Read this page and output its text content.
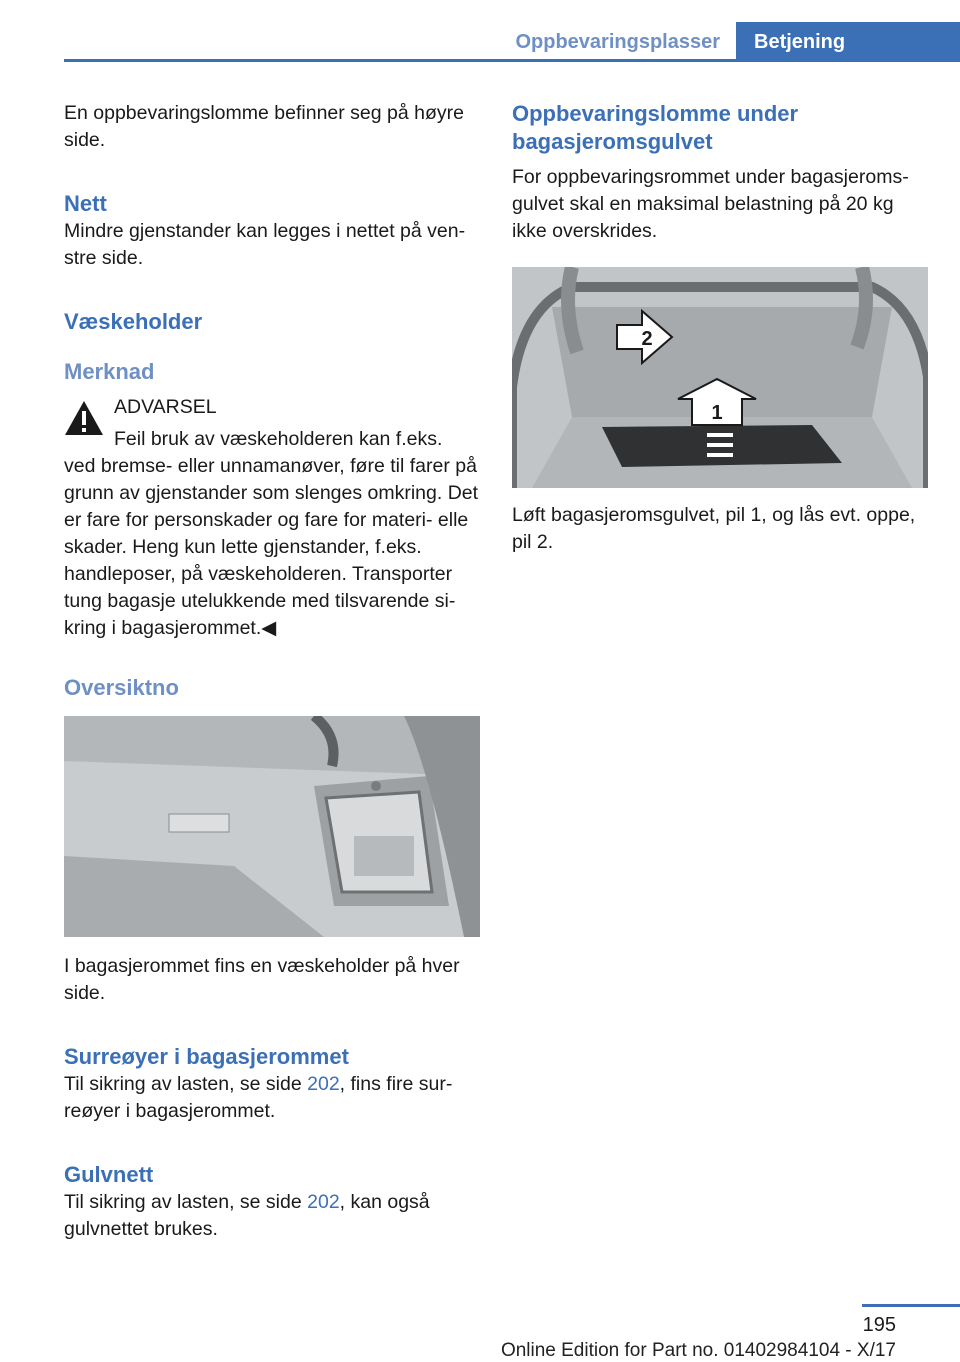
Oppbevaringsplasser	Betjening

En oppbevaringslomme befinner seg på høyre side.

Nett

Mindre gjenstander kan legges i nettet på ven- stre side.

Væskeholder
Merknad
ADVARSEL

Feil bruk av væskeholderen kan f.eks.

ved bremse- eller unnamanøver, føre til farer på grunn av gjenstander som slenges omkring. Det er fare for personskader og fare for materi- elle skader. Heng kun lette gjenstander, f.eks. handleposer, på væskeholderen. Transporter tung bagasje utelukkende med tilsvarende si- kring i bagasjerommet.◀

Oversiktno

I bagasjerommet fins en væskeholder på hver side.

Surreøyer i bagasjerommet

Til sikring av lasten, se side 202, fins fire sur- reøyer i bagasjerommet.

Gulvnett

Til sikring av lasten, se side 202, kan også gulvnettet brukes.

Oppbevaringslomme under bagasjeromsgulvet

For oppbevaringsrommet under bagasjeroms- gulvet skal en maksimal belastning på 20 kg ikke overskrides.

2
1

Løft bagasjeromsgulvet, pil 1, og lås evt. oppe, pil 2.

195
Online Edition for Part no. 01402984104 - X/17
